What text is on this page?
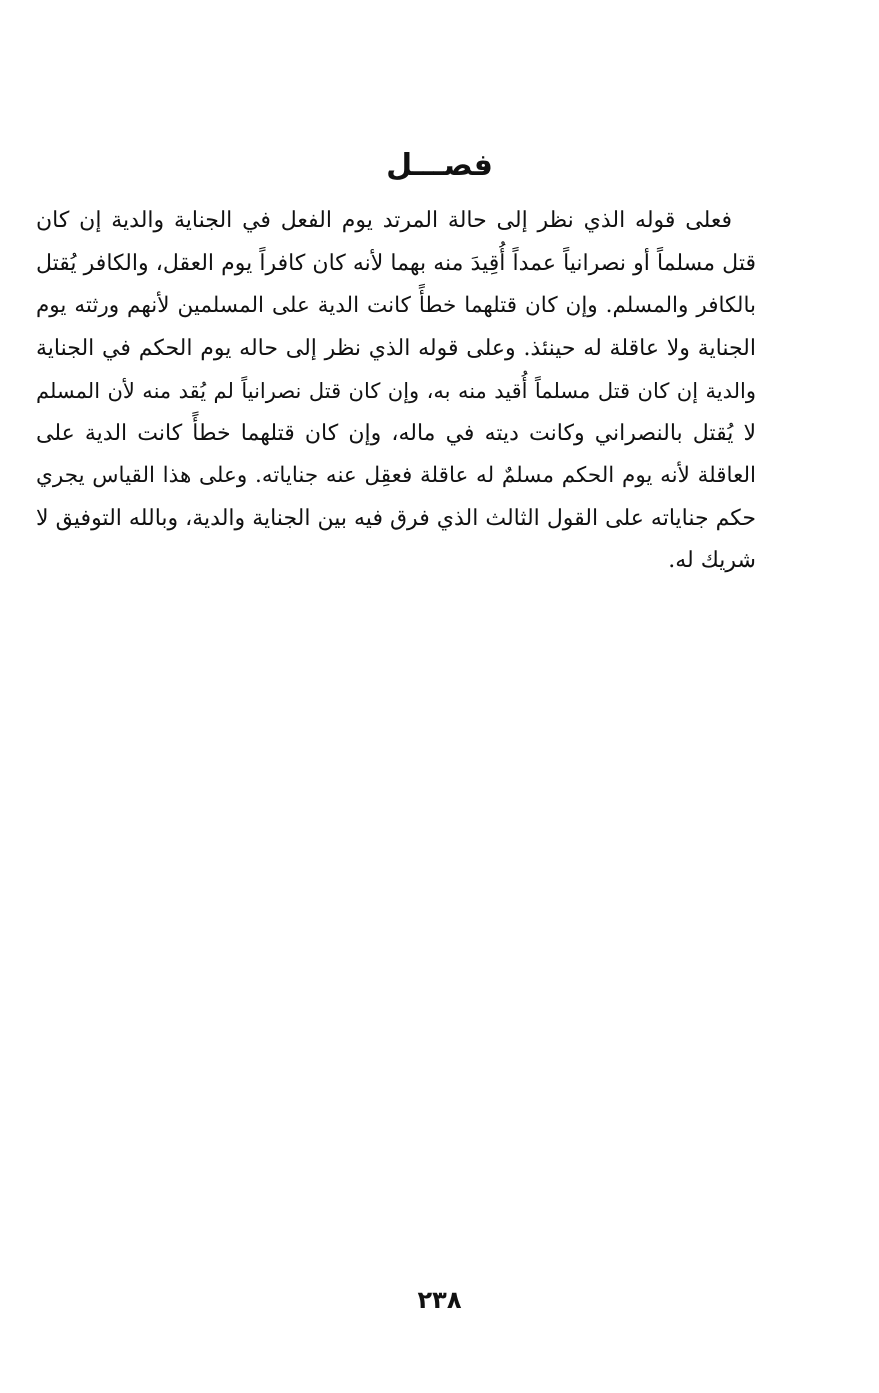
فصـــل

فعلى قوله الذي نظر إلى حالة المرتد يوم الفعل في الجناية والدية إن كان
قتل مسلماً أو نصرانياً عمداً أُقِيدَ منه بهما لأنه كان كافراً يوم العقل، والكافر يُقتل
بالكافر والمسلم. وإن كان قتلهما خطأً كانت الدية على المسلمين لأنهم ورثته يوم
الجناية ولا عاقلة له حينئذ. وعلى قوله الذي نظر إلى حاله يوم الحكم في الجناية
والدية إن كان قتل مسلماً أُقيد منه به، وإن كان قتل نصرانياً لم يُقد منه لأن المسلم
لا يُقتل بالنصراني وكانت ديته في ماله، وإن كان قتلهما خطأً كانت الدية على
العاقلة لأنه يوم الحكم مسلمٌ له عاقلة فعقِل عنه جناياته. وعلى هذا القياس يجري
حكم جناياته على القول الثالث الذي فرق فيه بين الجناية والدية، وبالله التوفيق لا
شريك له.

٢٣٨
